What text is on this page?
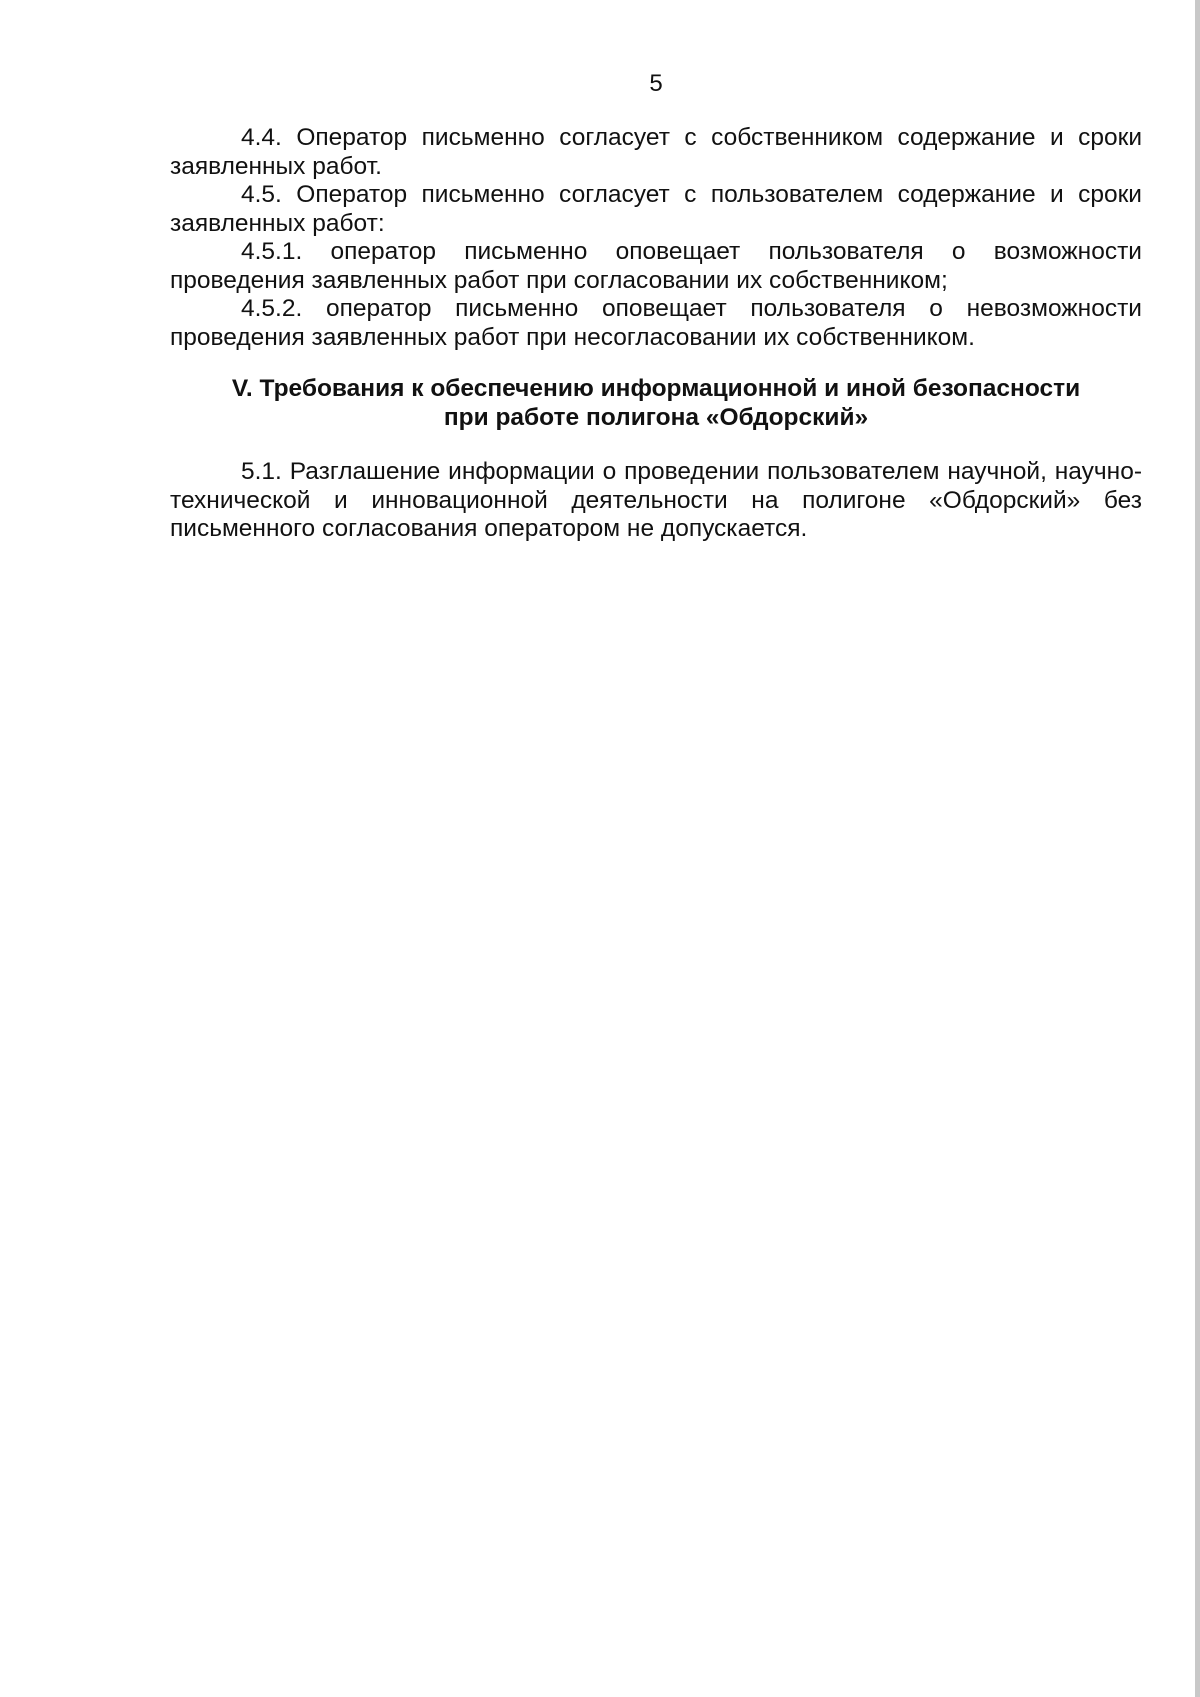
5

4.4. Оператор письменно согласует с собственником содержание и сроки заявленных работ.

4.5. Оператор письменно согласует с пользователем содержание и сроки заявленных работ:

4.5.1. оператор письменно оповещает пользователя о возможности проведения заявленных работ при согласовании их собственником;

4.5.2. оператор письменно оповещает пользователя о невозможности проведения заявленных работ при несогласовании их собственником.

V. Требования к обеспечению информационной и иной безопасности
при работе полигона «Обдорский»

5.1. Разглашение информации о проведении пользователем научной, научно-технической и инновационной деятельности на полигоне «Обдорский» без письменного согласования оператором не допускается.
